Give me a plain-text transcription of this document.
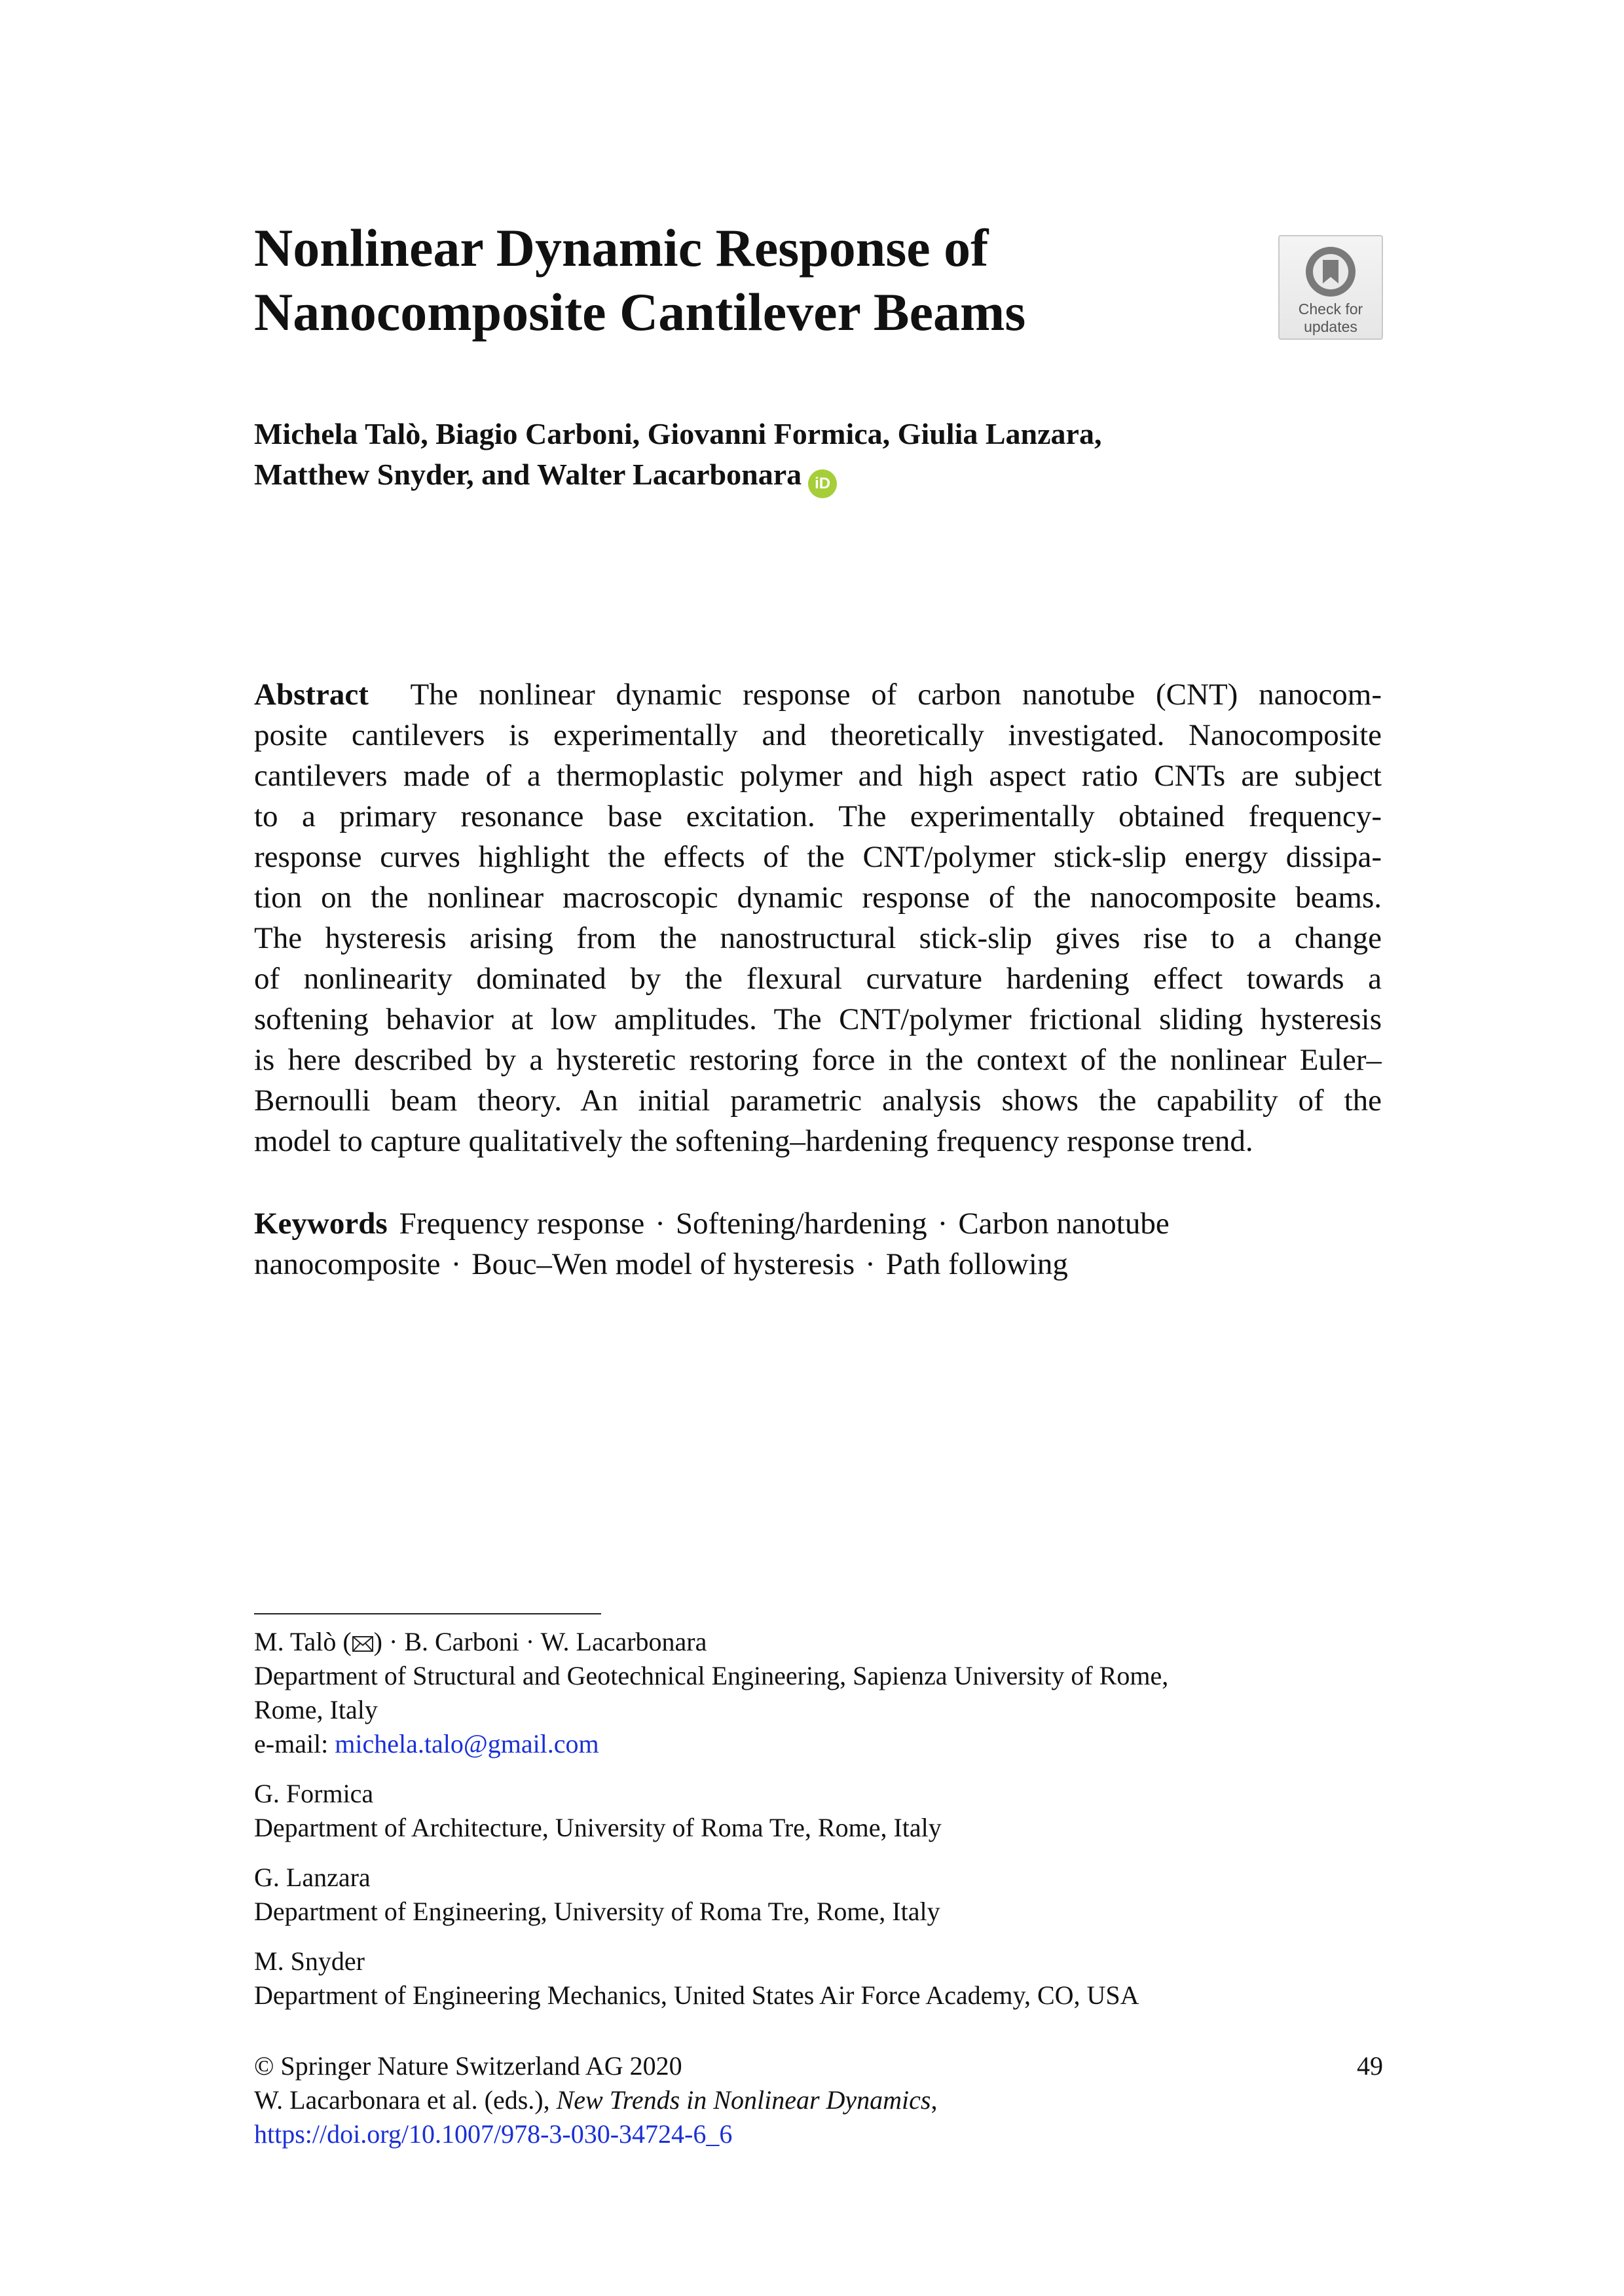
Nonlinear Dynamic Response of
Nanocomposite Cantilever Beams	Check for
updates
Michela Talò, Biagio Carboni, Giovanni Formica, Giulia Lanzara,
Matthew Snyder, and Walter Lacarbonara iD
Abstract The nonlinear dynamic response of carbon nanotube (CNT) nanocom-
posite cantilevers is experimentally and theoretically investigated. Nanocomposite
cantilevers made of a thermoplastic polymer and high aspect ratio CNTs are subject
to a primary resonance base excitation. The experimentally obtained frequency-
response curves highlight the effects of the CNT/polymer stick-slip energy dissipa-
tion on the nonlinear macroscopic dynamic response of the nanocomposite beams.
The hysteresis arising from the nanostructural stick-slip gives rise to a change
of nonlinearity dominated by the flexural curvature hardening effect towards a
softening behavior at low amplitudes. The CNT/polymer frictional sliding hysteresis
is here described by a hysteretic restoring force in the context of the nonlinear Euler–
Bernoulli beam theory. An initial parametric analysis shows the capability of the
model to capture qualitatively the softening–hardening frequency response trend.
Keywords Frequency response · Softening/hardening · Carbon nanotube
nanocomposite · Bouc–Wen model of hysteresis · Path following
M. Talò ( ) · B. Carboni · W. Lacarbonara
Department of Structural and Geotechnical Engineering, Sapienza University of Rome,
Rome, Italy
e-mail: michela.talo@gmail.com
G. Formica
Department of Architecture, University of Roma Tre, Rome, Italy
G. Lanzara
Department of Engineering, University of Roma Tre, Rome, Italy
M. Snyder
Department of Engineering Mechanics, United States Air Force Academy, CO, USA
© Springer Nature Switzerland AG 2020
W. Lacarbonara et al. (eds.), New Trends in Nonlinear Dynamics,
https://doi.org/10.1007/978-3-030-34724-6_6
49
